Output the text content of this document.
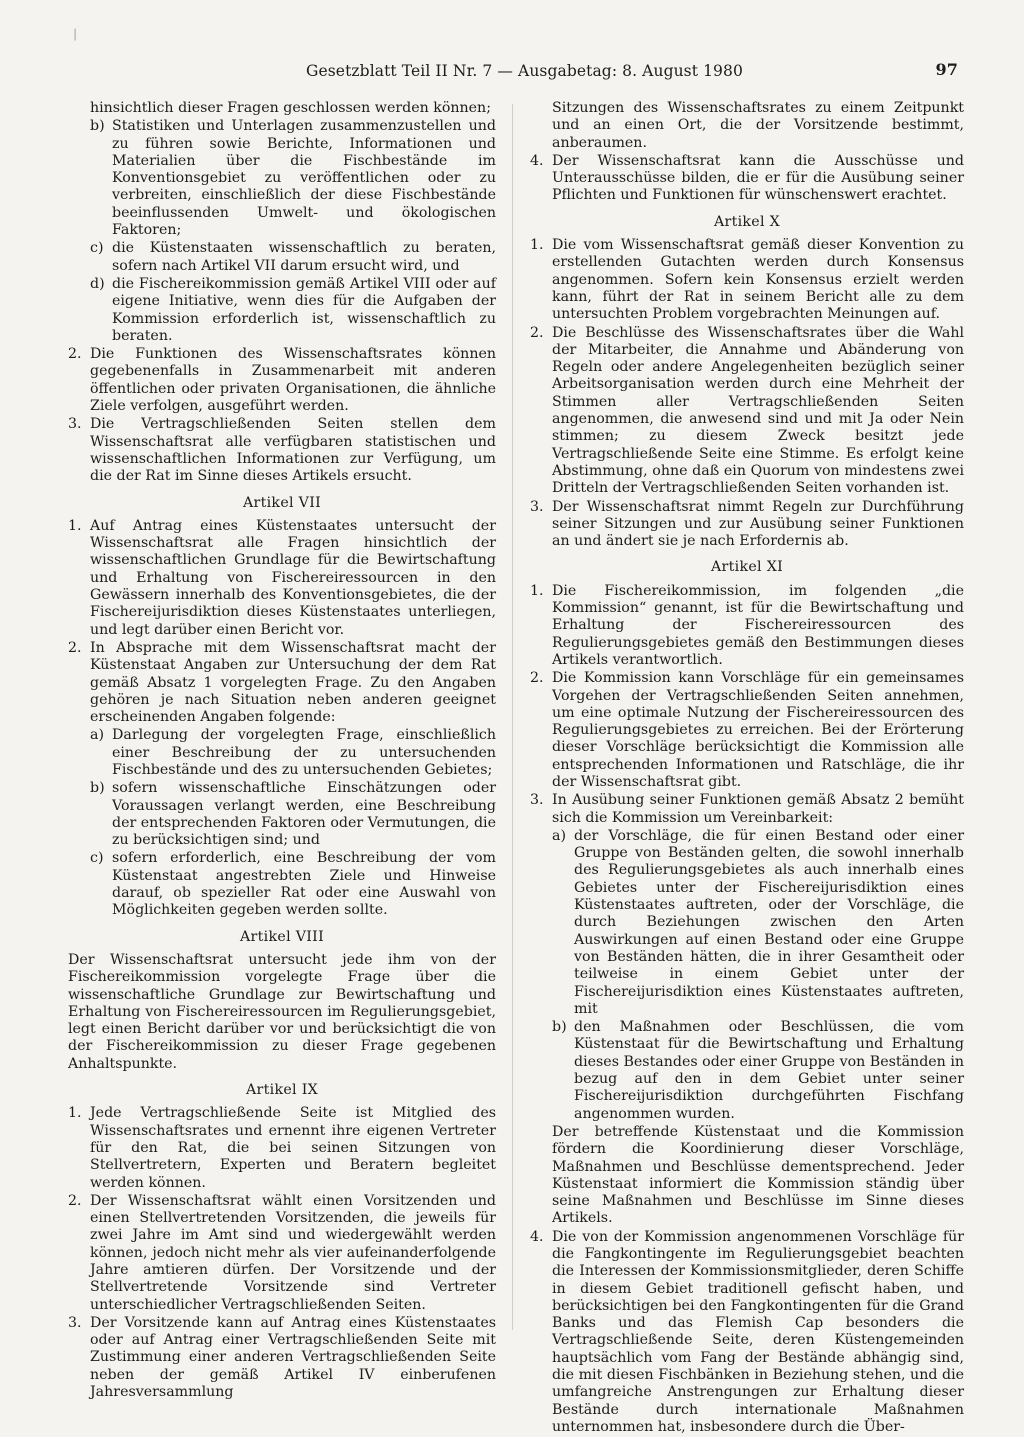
│
Gesetzblatt Teil II Nr. 7 — Ausgabetag: 8. August 1980	97

hinsichtlich dieser Fragen geschlossen werden können;

b) Statistiken und Unterlagen zusammenzustellen und zu führen sowie Berichte, Informationen und Materialien über die Fischbestände im Konventionsgebiet zu veröffentlichen oder zu verbreiten, einschließlich der diese Fischbestände beeinflussenden Umwelt- und ökologischen Faktoren;
c) die Küstenstaaten wissenschaftlich zu beraten, sofern nach Artikel VII darum ersucht wird, und
d) die Fischereikommission gemäß Artikel VIII oder auf eigene Initiative, wenn dies für die Aufgaben der Kommission erforderlich ist, wissenschaftlich zu beraten.
2. Die Funktionen des Wissenschaftsrates können gegebenenfalls in Zusammenarbeit mit anderen öffentlichen oder privaten Organisationen, die ähnliche Ziele verfolgen, ausgeführt werden.
3. Die Vertragschließenden Seiten stellen dem Wissenschaftsrat alle verfügbaren statistischen und wissenschaftlichen Informationen zur Verfügung, um die der Rat im Sinne dieses Artikels ersucht.
Artikel VII
1. Auf Antrag eines Küstenstaates untersucht der Wissenschaftsrat alle Fragen hinsichtlich der wissenschaftlichen Grundlage für die Bewirtschaftung und Erhaltung von Fischereiressourcen in den Gewässern innerhalb des Konventionsgebietes, die der Fischereijurisdiktion dieses Küstenstaates unterliegen, und legt darüber einen Bericht vor.
2. In Absprache mit dem Wissenschaftsrat macht der Küstenstaat Angaben zur Untersuchung der dem Rat gemäß Absatz 1 vorgelegten Frage. Zu den Angaben gehören je nach Situation neben anderen geeignet erscheinenden Angaben folgende:
a) Darlegung der vorgelegten Frage, einschließlich einer Beschreibung der zu untersuchenden Fischbestände und des zu untersuchenden Gebietes;
b) sofern wissenschaftliche Einschätzungen oder Voraussagen verlangt werden, eine Beschreibung der entsprechenden Faktoren oder Vermutungen, die zu berücksichtigen sind; und
c) sofern erforderlich, eine Beschreibung der vom Küstenstaat angestrebten Ziele und Hinweise darauf, ob spezieller Rat oder eine Auswahl von Möglichkeiten gegeben werden sollte.
Artikel VIII

Der Wissenschaftsrat untersucht jede ihm von der Fischereikommission vorgelegte Frage über die wissenschaftliche Grundlage zur Bewirtschaftung und Erhaltung von Fischereiressourcen im Regulierungsgebiet, legt einen Bericht darüber vor und berücksichtigt die von der Fischereikommission zu dieser Frage gegebenen Anhaltspunkte.

Artikel IX
1. Jede Vertragschließende Seite ist Mitglied des Wissenschaftsrates und ernennt ihre eigenen Vertreter für den Rat, die bei seinen Sitzungen von Stellvertretern, Experten und Beratern begleitet werden können.
2. Der Wissenschaftsrat wählt einen Vorsitzenden und einen Stellvertretenden Vorsitzenden, die jeweils für zwei Jahre im Amt sind und wiedergewählt werden können, jedoch nicht mehr als vier aufeinanderfolgende Jahre amtieren dürfen. Der Vorsitzende und der Stellvertretende Vorsitzende sind Vertreter unterschiedlicher Vertragschließenden Seiten.
3. Der Vorsitzende kann auf Antrag eines Küstenstaates oder auf Antrag einer Vertragschließenden Seite mit Zustimmung einer anderen Vertragschließenden Seite neben der gemäß Artikel IV einberufenen Jahresversammlung

Sitzungen des Wissenschaftsrates zu einem Zeitpunkt und an einen Ort, die der Vorsitzende bestimmt, anberaumen.

4. Der Wissenschaftsrat kann die Ausschüsse und Unterausschüsse bilden, die er für die Ausübung seiner Pflichten und Funktionen für wünschenswert erachtet.
Artikel X
1. Die vom Wissenschaftsrat gemäß dieser Konvention zu erstellenden Gutachten werden durch Konsensus angenommen. Sofern kein Konsensus erzielt werden kann, führt der Rat in seinem Bericht alle zu dem untersuchten Problem vorgebrachten Meinungen auf.
2. Die Beschlüsse des Wissenschaftsrates über die Wahl der Mitarbeiter, die Annahme und Abänderung von Regeln oder andere Angelegenheiten bezüglich seiner Arbeitsorganisation werden durch eine Mehrheit der Stimmen aller Vertragschließenden Seiten angenommen, die anwesend sind und mit Ja oder Nein stimmen; zu diesem Zweck besitzt jede Vertragschließende Seite eine Stimme. Es erfolgt keine Abstimmung, ohne daß ein Quorum von mindestens zwei Dritteln der Vertragschließenden Seiten vorhanden ist.
3. Der Wissenschaftsrat nimmt Regeln zur Durchführung seiner Sitzungen und zur Ausübung seiner Funktionen an und ändert sie je nach Erfordernis ab.
Artikel XI
1. Die Fischereikommission, im folgenden „die Kommission“ genannt, ist für die Bewirtschaftung und Erhaltung der Fischereiressourcen des Regulierungsgebietes gemäß den Bestimmungen dieses Artikels verantwortlich.
2. Die Kommission kann Vorschläge für ein gemeinsames Vorgehen der Vertragschließenden Seiten annehmen, um eine optimale Nutzung der Fischereiressourcen des Regulierungsgebietes zu erreichen. Bei der Erörterung dieser Vorschläge berücksichtigt die Kommission alle entsprechenden Informationen und Ratschläge, die ihr der Wissenschaftsrat gibt.
3. In Ausübung seiner Funktionen gemäß Absatz 2 bemüht sich die Kommission um Vereinbarkeit:
a) der Vorschläge, die für einen Bestand oder einer Gruppe von Beständen gelten, die sowohl innerhalb des Regulierungsgebietes als auch innerhalb eines Gebietes unter der Fischereijurisdiktion eines Küstenstaates auftreten, oder der Vorschläge, die durch Beziehungen zwischen den Arten Auswirkungen auf einen Bestand oder eine Gruppe von Beständen hätten, die in ihrer Gesamtheit oder teilweise in einem Gebiet unter der Fischereijurisdiktion eines Küstenstaates auftreten, mit
b) den Maßnahmen oder Beschlüssen, die vom Küstenstaat für die Bewirtschaftung und Erhaltung dieses Bestandes oder einer Gruppe von Beständen in bezug auf den in dem Gebiet unter seiner Fischereijurisdiktion durchgeführten Fischfang angenommen wurden.

Der betreffende Küstenstaat und die Kommission fördern die Koordinierung dieser Vorschläge, Maßnahmen und Beschlüsse dementsprechend. Jeder Küstenstaat informiert die Kommission ständig über seine Maßnahmen und Beschlüsse im Sinne dieses Artikels.

4. Die von der Kommission angenommenen Vorschläge für die Fangkontingente im Regulierungsgebiet beachten die Interessen der Kommissionsmitglieder, deren Schiffe in diesem Gebiet traditionell gefischt haben, und berücksichtigen bei den Fangkontingenten für die Grand Banks und das Flemish Cap besonders die Vertragschließende Seite, deren Küstengemeinden hauptsächlich vom Fang der Bestände abhängig sind, die mit diesen Fischbänken in Beziehung stehen, und die umfangreiche Anstrengungen zur Erhaltung dieser Bestände durch internationale Maßnahmen unternommen hat, insbesondere durch die Über-
